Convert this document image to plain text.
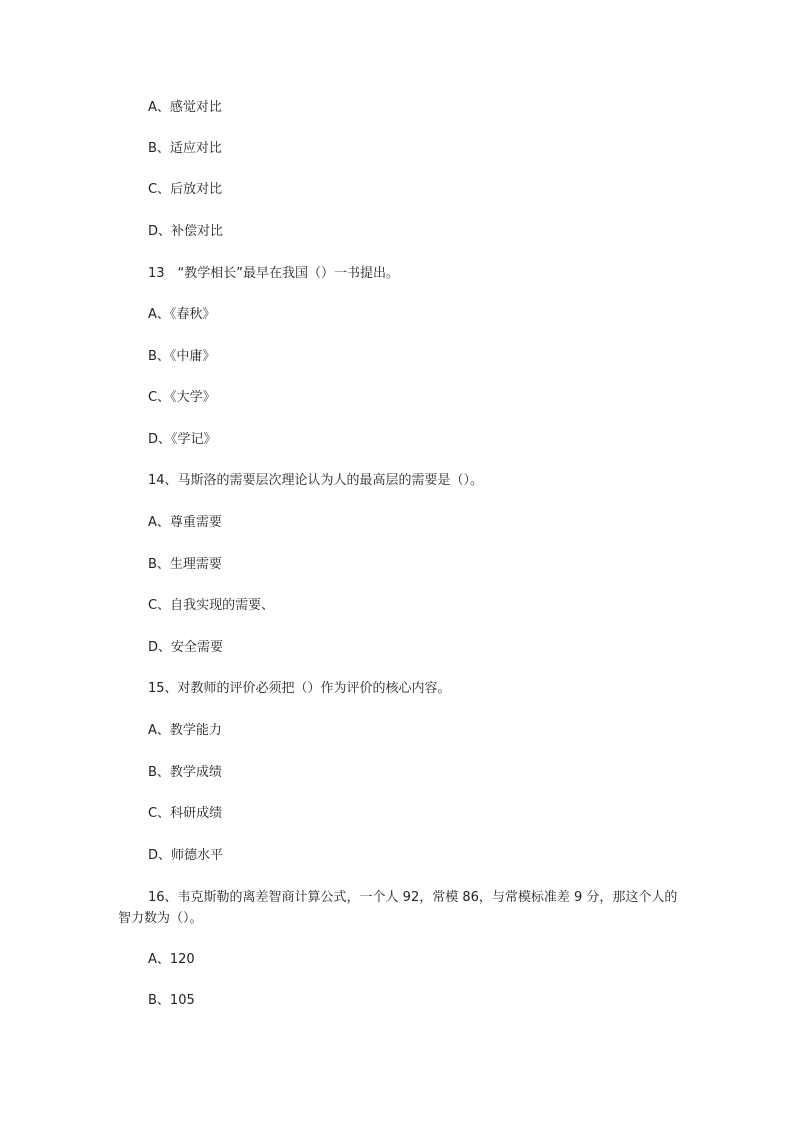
A、感觉对比
B、适应对比
C、后放对比
D、补偿对比
13　“教学相长”最早在我国（）一书提出。
A、《春秋》
B、《中庸》
C、《大学》
D、《学记》
14、马斯洛的需要层次理论认为人的最高层的需要是（）。
A、尊重需要
B、生理需要
C、自我实现的需要、
D、安全需要
15、对教师的评价必须把（）作为评价的核心内容。
A、教学能力
B、教学成绩
C、科研成绩
D、师德水平
16、韦克斯勒的离差智商计算公式，一个人 92，常模 86，与常模标准差 9 分，那这个人的智力数为（）。
A、120
B、105
